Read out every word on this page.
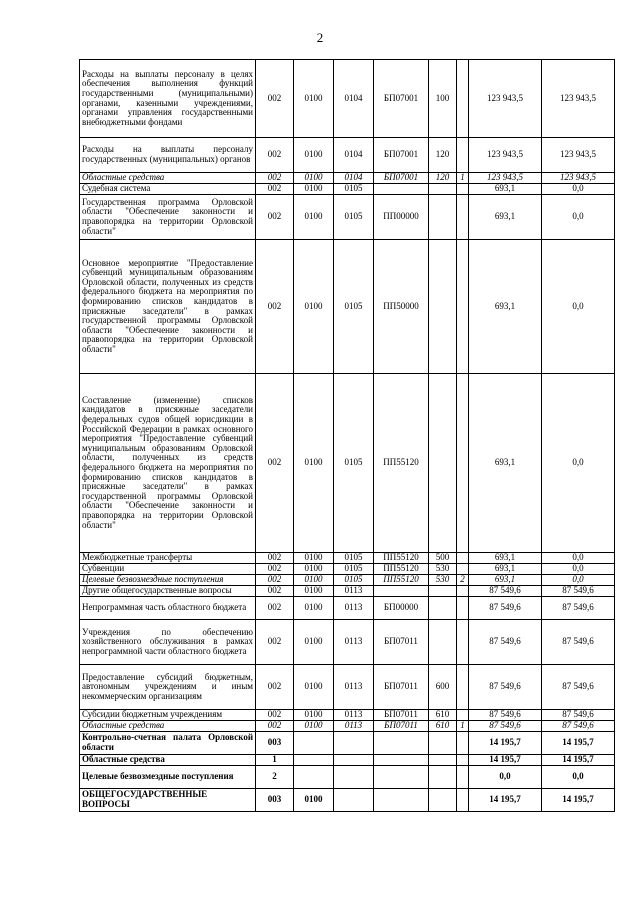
2
Расходы на выплаты персоналу в целях обеспечения выполнения функций государственными (муниципальными) органами, казенными учреждениями, органами управления государственными внебюджетными фондами	002	0100	0104	БП07001	100		123 943,5	123 943,5
Расходы на выплаты персоналу государственных (муниципальных) органов	002	0100	0104	БП07001	120		123 943,5	123 943,5
Областные средства	002	0100	0104	БП07001	120	1	123 943,5	123 943,5
Судебная система	002	0100	0105				693,1	0,0
Государственная программа Орловской области "Обеспечение законности и правопорядка на территории Орловской области"	002	0100	0105	ПП00000			693,1	0,0
Основное мероприятие "Предоставление субвенций муниципальным образованиям Орловской области, полученных из средств федерального бюджета на мероприятия по формированию списков кандидатов в присяжные заседатели" в рамках государственной программы Орловской области "Обеспечение законности и правопорядка на территории Орловской области"	002	0100	0105	ПП50000			693,1	0,0
Составление (изменение) списков кандидатов в присяжные заседатели федеральных судов общей юрисдикции в Российской Федерации в рамках основного мероприятия "Предоставление субвенций муниципальным образованиям Орловской области, полученных из средств федерального бюджета на мероприятия по формированию списков кандидатов в присяжные заседатели" в рамках государственной программы Орловской области "Обеспечение законности и правопорядка на территории Орловской области"	002	0100	0105	ПП55120			693,1	0,0
Межбюджетные трансферты	002	0100	0105	ПП55120	500		693,1	0,0
Субвенции	002	0100	0105	ПП55120	530		693,1	0,0
Целевые безвозмездные поступления	002	0100	0105	ПП55120	530	2	693,1	0,0
Другие общегосударственные вопросы	002	0100	0113				87 549,6	87 549,6
Непрограммная часть областного бюджета	002	0100	0113	БП00000			87 549,6	87 549,6
Учреждения по обеспечению хозяйственного обслуживания в рамках непрограммной части областного бюджета	002	0100	0113	БП07011			87 549,6	87 549,6
Предоставление субсидий бюджетным, автономным учреждениям и иным некоммерческим организациям	002	0100	0113	БП07011	600		87 549,6	87 549,6
Субсидии бюджетным учреждениям	002	0100	0113	БП07011	610		87 549,6	87 549,6
Областные средства	002	0100	0113	БП07011	610	1	87 549,6	87 549,6
Контрольно-счетная палата Орловской области	003						14 195,7	14 195,7
Областные средства	1						14 195,7	14 195,7
Целевые безвозмездные поступления	2						0,0	0,0
ОБЩЕГОСУДАРСТВЕННЫЕ ВОПРОСЫ	003	0100					14 195,7	14 195,7
